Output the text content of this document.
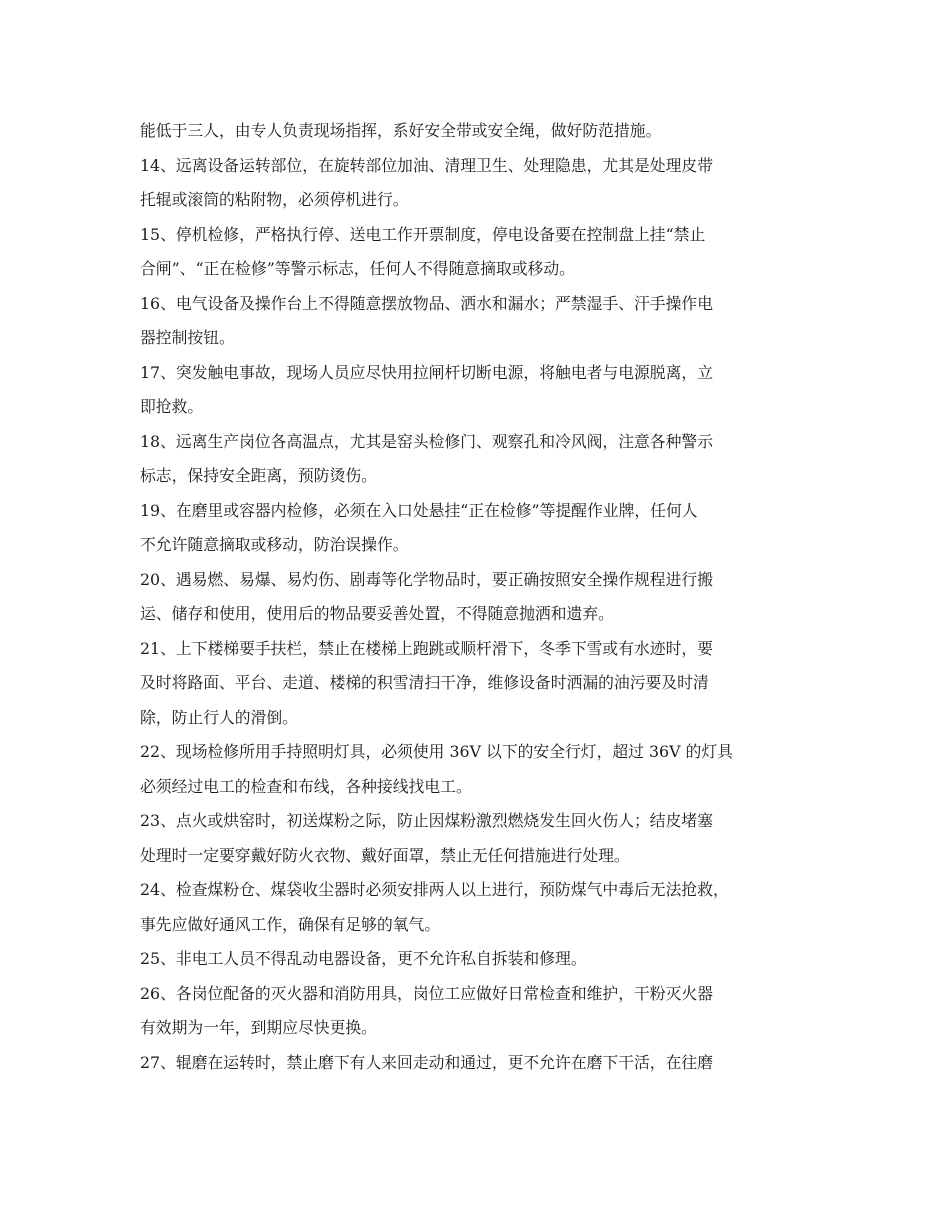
能低于三人，由专人负责现场指挥，系好安全带或安全绳，做好防范措施。
14、远离设备运转部位，在旋转部位加油、清理卫生、处理隐患，尤其是处理皮带
托辊或滚筒的粘附物，必须停机进行。
15、停机检修，严格执行停、送电工作开票制度，停电设备要在控制盘上挂“禁止
合闸”、“正在检修”等警示标志，任何人不得随意摘取或移动。
16、电气设备及操作台上不得随意摆放物品、洒水和漏水；严禁湿手、汗手操作电
器控制按钮。
17、突发触电事故，现场人员应尽快用拉闸杆切断电源，将触电者与电源脱离，立
即抢救。
18、远离生产岗位各高温点，尤其是窑头检修门、观察孔和冷风阀，注意各种警示
标志，保持安全距离，预防烫伤。
19、在磨里或容器内检修，必须在入口处悬挂“正在检修”等提醒作业牌，任何人
不允许随意摘取或移动，防治误操作。
20、遇易燃、易爆、易灼伤、剧毒等化学物品时，要正确按照安全操作规程进行搬
运、储存和使用，使用后的物品要妥善处置，不得随意抛洒和遗弃。
21、上下楼梯要手扶栏，禁止在楼梯上跑跳或顺杆滑下，冬季下雪或有水迹时，要
及时将路面、平台、走道、楼梯的积雪清扫干净，维修设备时洒漏的油污要及时清
除，防止行人的滑倒。
22、现场检修所用手持照明灯具，必须使用 36V 以下的安全行灯，超过 36V 的灯具
必须经过电工的检查和布线，各种接线找电工。
23、点火或烘窑时，初送煤粉之际，防止因煤粉激烈燃烧发生回火伤人；结皮堵塞
处理时一定要穿戴好防火衣物、戴好面罩，禁止无任何措施进行处理。
24、检查煤粉仓、煤袋收尘器时必须安排两人以上进行，预防煤气中毒后无法抢救，
事先应做好通风工作，确保有足够的氧气。
25、非电工人员不得乱动电器设备，更不允许私自拆装和修理。
26、各岗位配备的灭火器和消防用具，岗位工应做好日常检查和维护，干粉灭火器
有效期为一年，到期应尽快更换。
27、辊磨在运转时，禁止磨下有人来回走动和通过，更不允许在磨下干活，在往磨
